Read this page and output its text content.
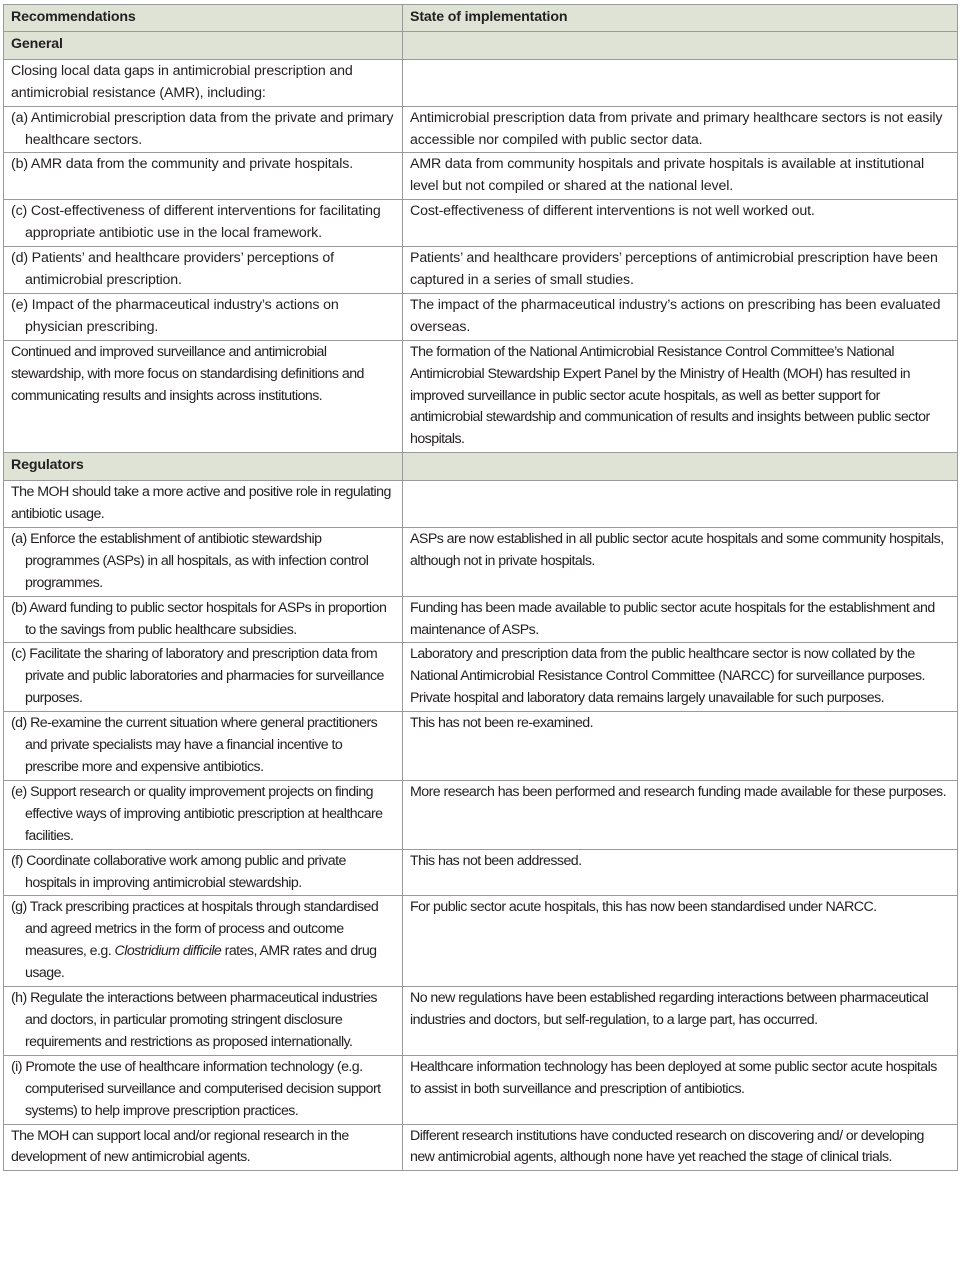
Recommendations	State of implementation
General	
Closing local data gaps in antimicrobial prescription and antimicrobial resistance (AMR), including:	
(a) Antimicrobial prescription data from the private and primary healthcare sectors.	Antimicrobial prescription data from private and primary healthcare sectors is not easily accessible nor compiled with public sector data.
(b) AMR data from the community and private hospitals.	AMR data from community hospitals and private hospitals is available at institutional level but not compiled or shared at the national level.
(c) Cost-effectiveness of different interventions for facilitating appropriate antibiotic use in the local framework.	Cost-effectiveness of different interventions is not well worked out.
(d) Patients’ and healthcare providers’ perceptions of antimicrobial prescription.	Patients’ and healthcare providers’ perceptions of antimicrobial prescription have been captured in a series of small studies.
(e) Impact of the pharmaceutical industry’s actions on physician prescribing.	The impact of the pharmaceutical industry’s actions on prescribing has been evaluated overseas.
Continued and improved surveillance and antimicrobial stewardship, with more focus on standardising definitions and communicating results and insights across institutions.	The formation of the National Antimicrobial Resistance Control Committee’s National Antimicrobial Stewardship Expert Panel by the Ministry of Health (MOH) has resulted in improved surveillance in public sector acute hospitals, as well as better support for antimicrobial stewardship and communication of results and insights between public sector hospitals.
Regulators	
The MOH should take a more active and positive role in regulating antibiotic usage.	
(a) Enforce the establishment of antibiotic stewardship programmes (ASPs) in all hospitals, as with infection control programmes.	ASPs are now established in all public sector acute hospitals and some community hospitals, although not in private hospitals.
(b) Award funding to public sector hospitals for ASPs in proportion to the savings from public healthcare subsidies.	Funding has been made available to public sector acute hospitals for the establishment and maintenance of ASPs.
(c) Facilitate the sharing of laboratory and prescription data from private and public laboratories and pharmacies for surveillance purposes.	Laboratory and prescription data from the public healthcare sector is now collated by the National Antimicrobial Resistance Control Committee (NARCC) for surveillance purposes. Private hospital and laboratory data remains largely unavailable for such purposes.
(d) Re-examine the current situation where general practitioners and private specialists may have a financial incentive to prescribe more and expensive antibiotics.	This has not been re-examined.
(e) Support research or quality improvement projects on finding effective ways of improving antibiotic prescription at healthcare facilities.	More research has been performed and research funding made available for these purposes.
(f) Coordinate collaborative work among public and private hospitals in improving antimicrobial stewardship.	This has not been addressed.
(g) Track prescribing practices at hospitals through standardised and agreed metrics in the form of process and outcome measures, e.g. Clostridium difficile rates, AMR rates and drug usage.	For public sector acute hospitals, this has now been standardised under NARCC.
(h) Regulate the interactions between pharmaceutical industries and doctors, in particular promoting stringent disclosure requirements and restrictions as proposed internationally.	No new regulations have been established regarding interactions between pharmaceutical industries and doctors, but self-regulation, to a large part, has occurred.
(i) Promote the use of healthcare information technology (e.g. computerised surveillance and computerised decision support systems) to help improve prescription practices.	Healthcare information technology has been deployed at some public sector acute hospitals to assist in both surveillance and prescription of antibiotics.
The MOH can support local and/or regional research in the development of new antimicrobial agents.	Different research institutions have conducted research on discovering and/ or developing new antimicrobial agents, although none have yet reached the stage of clinical trials.
